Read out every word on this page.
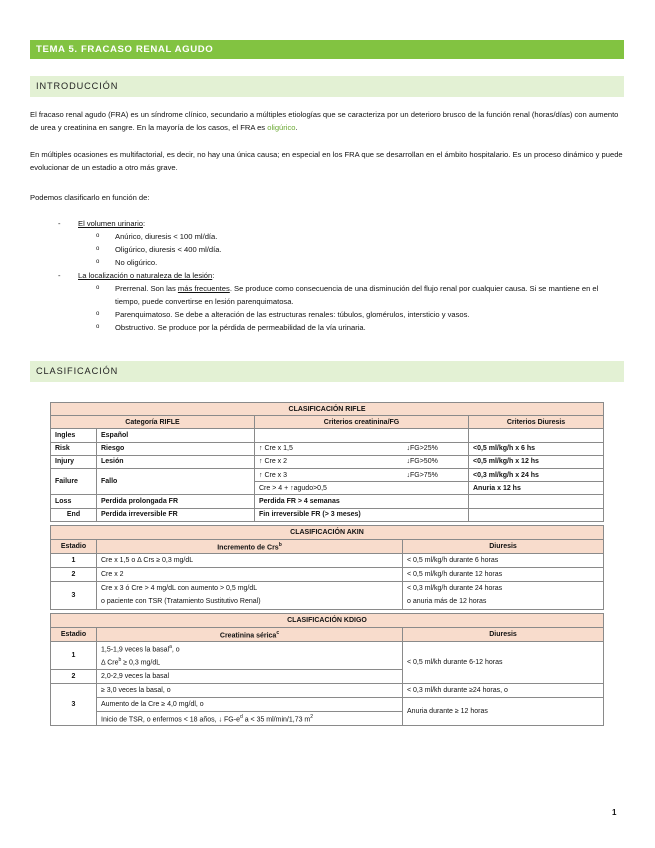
TEMA 5. FRACASO RENAL AGUDO
INTRODUCCIÓN

El fracaso renal agudo (FRA) es un síndrome clínico, secundario a múltiples etiologías que se caracteriza por un deterioro brusco de la función renal (horas/días) con aumento de urea y creatinina en sangre. En la mayoría de los casos, el FRA es oligúrico.

En múltiples ocasiones es multifactorial, es decir, no hay una única causa; en especial en los FRA que se desarrollan en el ámbito hospitalario. Es un proceso dinámico y puede evolucionar de un estadio a otro más grave.

Podemos clasificarlo en función de:

- El volumen urinario:
o Anúrico, diuresis < 100 ml/día.
o Oligúrico, diuresis < 400 ml/día.
o No oligúrico.
- La localización o naturaleza de la lesión:
o Prerrenal. Son las más frecuentes. Se produce como consecuencia de una disminución del flujo renal por cualquier causa. Si se mantiene en el tiempo, puede convertirse en lesión parenquimatosa.
o Parenquimatoso. Se debe a alteración de las estructuras renales: túbulos, glomérulos, intersticio y vasos.
o Obstructivo. Se produce por la pérdida de permeabilidad de la vía urinaria.
CLASIFICACIÓN
CLASIFICACIÓN RIFLE				
Categoría RIFLE		Criterios creatinina/FG		Criterios Diuresis
Ingles	Español			
Risk	Riesgo	↑ Cre x 1,5	↓FG>25%	<0,5 ml/kg/h x 6 hs
Injury	Lesión	↑ Cre x 2	↓FG>50%	<0,5 ml/kg/h x 12 hs
Failure	Fallo	↑ Cre x 3	↓FG>75%	<0,3 ml/kg/h x 24 hs
		Cre > 4 + ↑agudo>0,5		Anuria x 12 hs
Loss	Perdida prolongada FR	Perdida FR > 4 semanas		
End	Perdida irreversible FR	Fin irreversible FR (> 3 meses)		
CLASIFICACIÓN AKIN		
Estadio	Incremento de Crs$^b$	Diuresis
1	Cre x 1,5 o Δ Crs ≥ 0,3 mg/dL	< 0,5 ml/kg/h durante 6 horas
2	Cre x 2	< 0,5 ml/kg/h durante 12 horas
3	Cre x 3 ó Cre > 4 mg/dL con aumento > 0,5 mg/dL	< 0,3 ml/kg/h durante 24 horas
	o paciente con TSR (Tratamiento Sustitutivo Renal)	o anuria más de 12 horas
CLASIFICACIÓN KDIGO		
Estadio	Creatinina sérica$^c$	Diuresis
1	1,5-1,9 veces la basal$^a$, o	< 0,5 ml/kh durante 6-12 horas
	Δ Cre$^b$ ≥ 0,3 mg/dL	
2	2,0-2,9 veces la basal	
3	≥ 3,0 veces la basal, o	< 0,3 ml/kh durante ≥24 horas, o
	Aumento de la Cre ≥ 4,0 mg/dl, o	Anuria durante ≥ 12 horas
	Inicio de TSR, o enfermos < 18 años, ↓ $FG-e^d$ a < 35 ml/min/1,73 $m^2$
1
